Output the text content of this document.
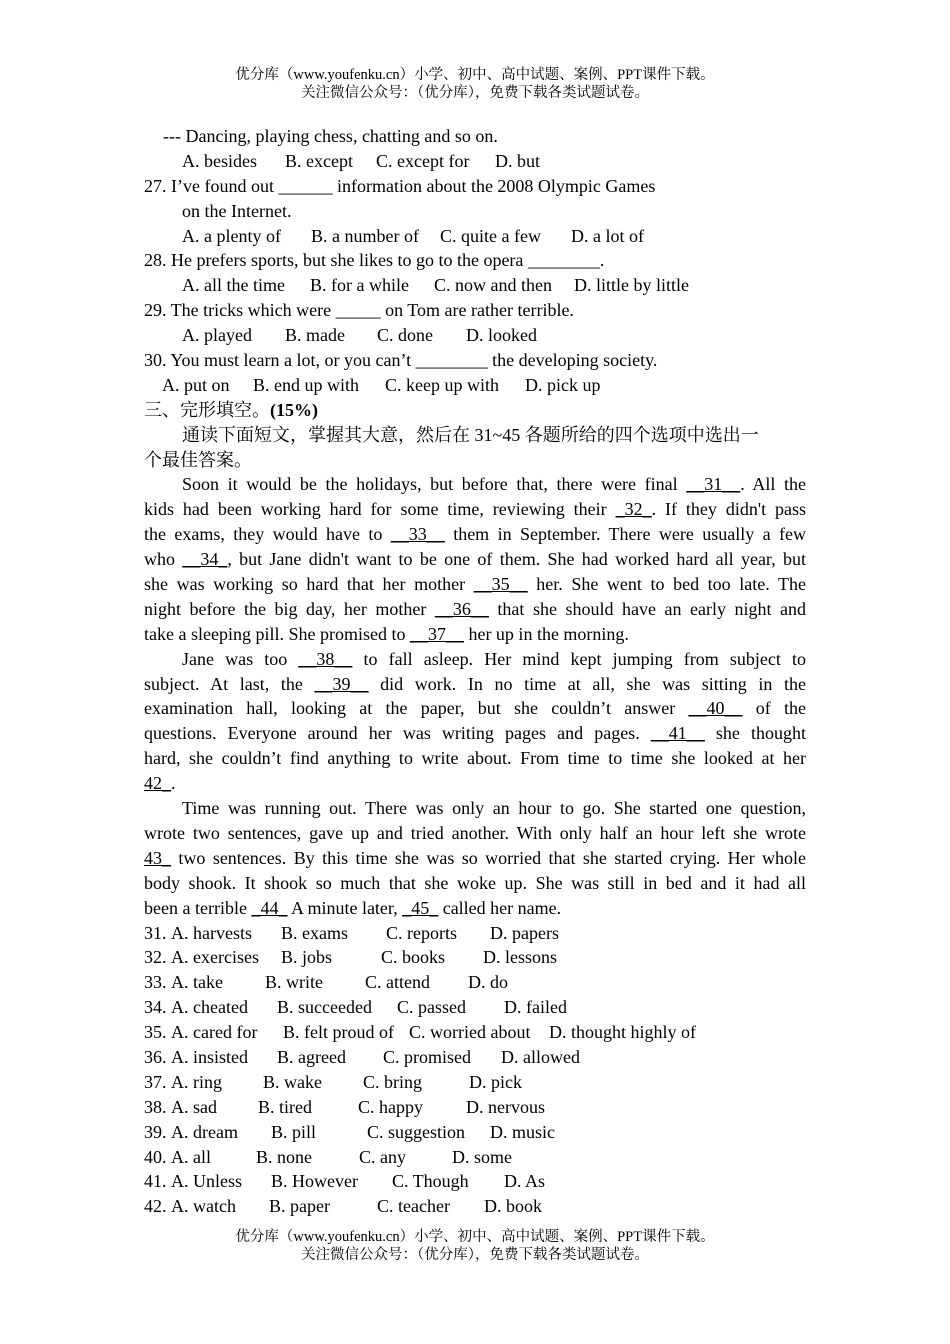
优分库（www.youfenku.cn）小学、初中、高中试题、案例、PPT课件下载。
关注微信公众号：（优分库），免费下载各类试题试卷。
--- Dancing, playing chess, chatting and so on.
A. besides B. except C. except for D. but
27. I’ve found out ______ information about the 2008 Olympic Games
on the Internet.
A. a plenty of B. a number of C. quite a few D. a lot of
28. He prefers sports, but she likes to go to the opera ________.
A. all the time B. for a while C. now and then D. little by little
29. The tricks which were _____ on Tom are rather terrible.
A. played B. made C. done D. looked
30. You must learn a lot, or you can’t ________ the developing society.
A. put on B. end up with C. keep up with D. pick up
三、完形填空。(15%)
通读下面短文，掌握其大意，然后在 31~45 各题所给的四个选项中选出一
个最佳答案。
Soon it would be the holidays, but before that, there were final __31__. All the
kids had been working hard for some time, reviewing their _32_. If they didn't pass
the exams, they would have to __33__ them in September. There were usually a few
who __34_, but Jane didn't want to be one of them. She had worked hard all year, but
she was working so hard that her mother __35__ her. She went to bed too late. The
night before the big day, her mother __36__ that she should have an early night and
take a sleeping pill. She promised to __37__ her up in the morning.
Jane was too __38__ to fall asleep. Her mind kept jumping from subject to
subject. At last, the __39__ did work. In no time at all, she was sitting in the
examination hall, looking at the paper, but she couldn’t answer __40__ of the
questions. Everyone around her was writing pages and pages. __41__ she thought
hard, she couldn’t find anything to write about. From time to time she looked at her
42_.
Time was running out. There was only an hour to go. She started one question,
wrote two sentences, gave up and tried another. With only half an hour left she wrote
43_ two sentences. By this time she was so worried that she started crying. Her whole
body shook. It shook so much that she woke up. She was still in bed and it had all
been a terrible _44_ A minute later, _45_ called her name.
31. A. harvests B. exams C. reports D. papers
32. A. exercises B. jobs	C. books D. lessons
33. A. take B. write C. attend D. do
34. A. cheated B. succeeded C. passed D. failed
35. A. cared for B. felt proud of C. worried about D. thought highly of
36. A. insisted B. agreed C. promised D. allowed
37. A. ring B. wake C. bring	D. pick
38. A. sad B. tired	C. happy D. nervous
39. A. dream B. pill	C. suggestion D. music
40. A. all	B. none	C. any	D. some
41. A. Unless B. However C. Though D. As
42. A. watch B. paper	C. teacher D. book
优分库（www.youfenku.cn）小学、初中、高中试题、案例、PPT课件下载。
关注微信公众号：（优分库），免费下载各类试题试卷。
